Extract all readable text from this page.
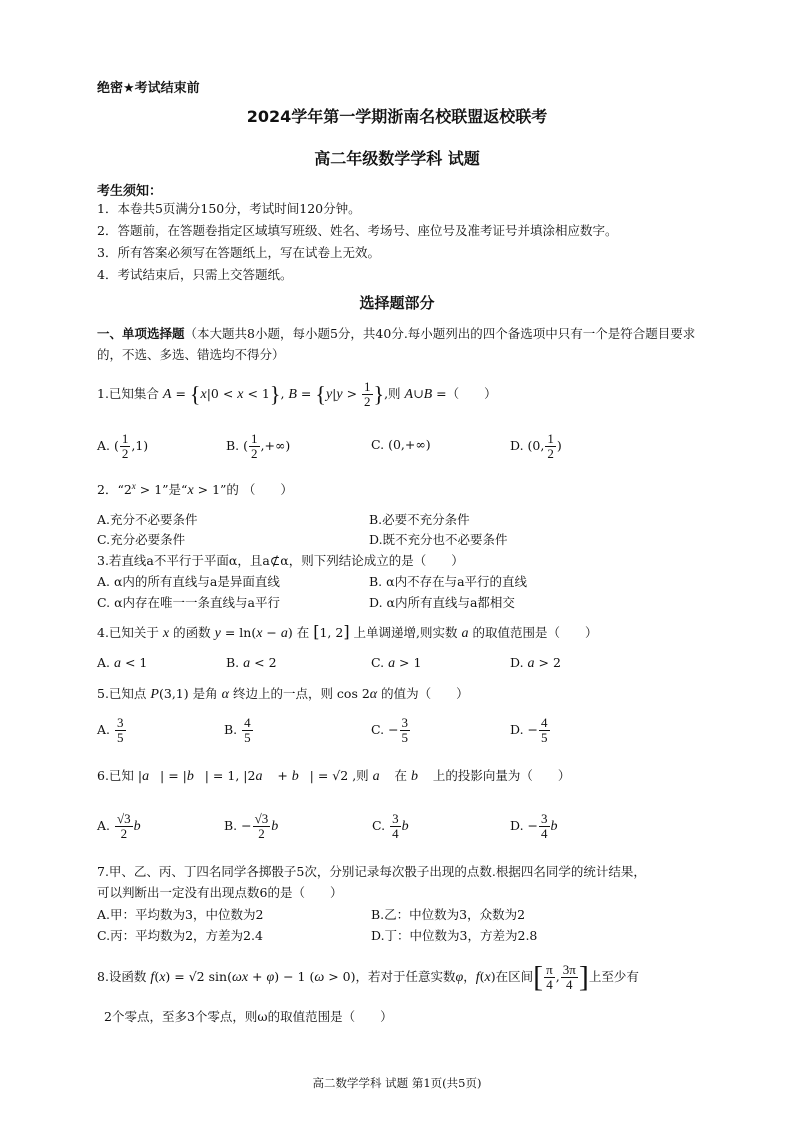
绝密★考试结束前
2024学年第一学期浙南名校联盟返校联考
高二年级数学学科 试题
考生须知：
1．本卷共5页满分150分，考试时间120分钟。
2．答题前，在答题卷指定区域填写班级、姓名、考场号、座位号及准考证号并填涂相应数字。
3．所有答案必须写在答题纸上，写在试卷上无效。
4．考试结束后，只需上交答题纸。
选择题部分
一、单项选择题（本大题共8小题，每小题5分，共40分.每小题列出的四个备选项中只有一个是符合题目要求的，不选、多选、错选均不得分）
1.已知集合 A = {x|0 < x < 1}, $B = \{y|y > \frac{1}{2}$ },则 A∪B =（　　）
A. ( $\frac{1}{2} ,1$)	B. ( $\frac{1}{2}$ ,+∞)	C. (0,+∞)	D. (0, $\frac{1}{2}$ )
2．“$2^x > 1$”是“x > 1”的 （　　）
A.充分不必要条件	B.必要不充分条件
C.充分必要条件	D.既不充分也不必要条件
3.若直线a不平行于平面α，且a⊄α，则下列结论成立的是（　　）
A. α内的所有直线与a是异面直线	B. α内不存在与a平行的直线
C. α内存在唯一一条直线与a平行	D. α内所有直线与a都相交
4.已知关于 x 的函数 y = ln(x − a) 在 [1, 2] 上单调递增,则实数 a 的取值范围是（　　）
A. a < 1	B. a < 2	C. a > 1	D. a > 2
5.已知点 P(3,1) 是角 α 终边上的一点，则 cos 2α 的值为（　　）
A. $\frac{3}{5}$	B. $\frac{4}{5}$	C. − $\frac{3}{5}$	D. − $\frac{4}{5}$
6.已知 |a⃗| = |b⃗| = 1, |2a⃗ + b⃗| = √2 ,则 a⃗ 在 b⃗ 上的投影向量为（　　）
A. $\frac{√3}{2}$ b⃗	B. − $\frac{√3}{2}$ b⃗	C. $\frac{3}{4}$ b⃗	D. − $\frac{3}{4}$ b⃗
7.甲、乙、丙、丁四名同学各掷骰子5次，分别记录每次骰子出现的点数.根据四名同学的统计结果，
可以判断出一定没有出现点数6的是（　　）
A.甲：平均数为3，中位数为2	B.乙：中位数为3，众数为2
C.丙：平均数为2，方差为2.4	D.丁：中位数为3，方差为2.8
8.设函数 f(x) = √2 sin(ωx + φ) − 1 (ω > 0)，若对于任意实数φ，f(x)在区间[ $\frac{\pi}{4}$ , $\frac{3\pi}{4}$ ]上至少有
2个零点，至多3个零点，则ω的取值范围是（　　）
高二数学学科 试题 第1页(共5页)
